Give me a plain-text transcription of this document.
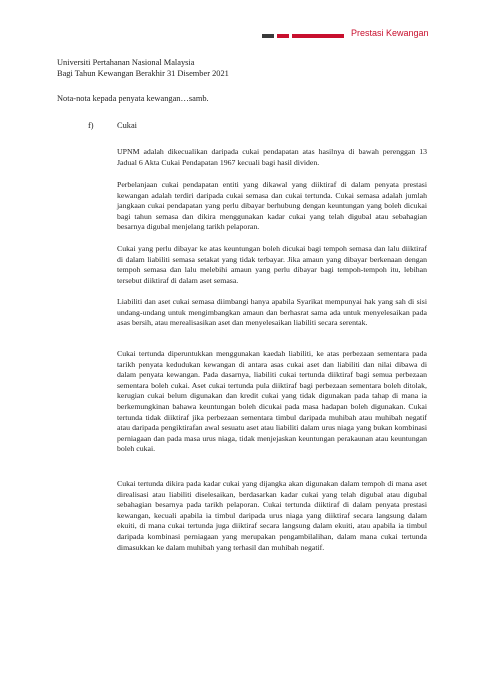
Prestasi Kewangan
Universiti Pertahanan Nasional Malaysia
Bagi Tahun Kewangan Berakhir 31 Disember 2021
Nota-nota kepada penyata kewangan…samb.
f)	Cukai

UPNM adalah dikecualikan daripada cukai pendapatan atas hasilnya di bawah perenggan 13 Jadual 6 Akta Cukai Pendapatan 1967 kecuali bagi hasil dividen.

Perbelanjaan cukai pendapatan entiti yang dikawal yang diiktiraf di dalam penyata prestasi kewangan adalah terdiri daripada cukai semasa dan cukai tertunda. Cukai semasa adalah jumlah jangkaan cukai pendapatan yang perlu dibayar berhubung dengan keuntungan yang boleh dicukai bagi tahun semasa dan dikira menggunakan kadar cukai yang telah digubal atau sebahagian besarnya digubal menjelang tarikh pelaporan.

Cukai yang perlu dibayar ke atas keuntungan boleh dicukai bagi tempoh semasa dan lalu diiktiraf di dalam liabiliti semasa setakat yang tidak terbayar. Jika amaun yang dibayar berkenaan dengan tempoh semasa dan lalu melebihi amaun yang perlu dibayar bagi tempoh-tempoh itu, lebihan tersebut diiktiraf di dalam aset semasa.

Liabiliti dan aset cukai semasa diimbangi hanya apabila Syarikat mempunyai hak yang sah di sisi undang-undang untuk mengimbangkan amaun dan berhasrat sama ada untuk menyelesaikan pada asas bersih, atau merealisasikan aset dan menyelesaikan liabiliti secara serentak.

Cukai tertunda diperuntukkan menggunakan kaedah liabiliti, ke atas perbezaan sementara pada tarikh penyata kedudukan kewangan di antara asas cukai aset dan liabiliti dan nilai dibawa di dalam penyata kewangan. Pada dasarnya, liabiliti cukai tertunda diiktiraf bagi semua perbezaan sementara boleh cukai. Aset cukai tertunda pula diiktiraf bagi perbezaan sementara boleh ditolak, kerugian cukai belum digunakan dan kredit cukai yang tidak digunakan pada tahap di mana ia berkemungkinan bahawa keuntungan boleh dicukai pada masa hadapan boleh digunakan. Cukai tertunda tidak diiktiraf jika perbezaan sementara timbul daripada muhibah atau muhibah negatif atau daripada pengiktirafan awal sesuatu aset atau liabiliti dalam urus niaga yang bukan kombinasi perniagaan dan pada masa urus niaga, tidak menjejaskan keuntungan perakaunan atau keuntungan boleh cukai.

Cukai tertunda dikira pada kadar cukai yang dijangka akan digunakan dalam tempoh di mana aset direalisasi atau liabiliti diselesaikan, berdasarkan kadar cukai yang telah digubal atau digubal sebahagian besarnya pada tarikh pelaporan. Cukai tertunda diiktiraf di dalam penyata prestasi kewangan, kecuali apabila ia timbul daripada urus niaga yang diiktiraf secara langsung dalam ekuiti, di mana cukai tertunda juga diiktiraf secara langsung dalam ekuiti, atau apabila ia timbul daripada kombinasi perniagaan yang merupakan pengambilalihan, dalam mana cukai tertunda dimasukkan ke dalam muhibah yang terhasil dan muhibah negatif.
